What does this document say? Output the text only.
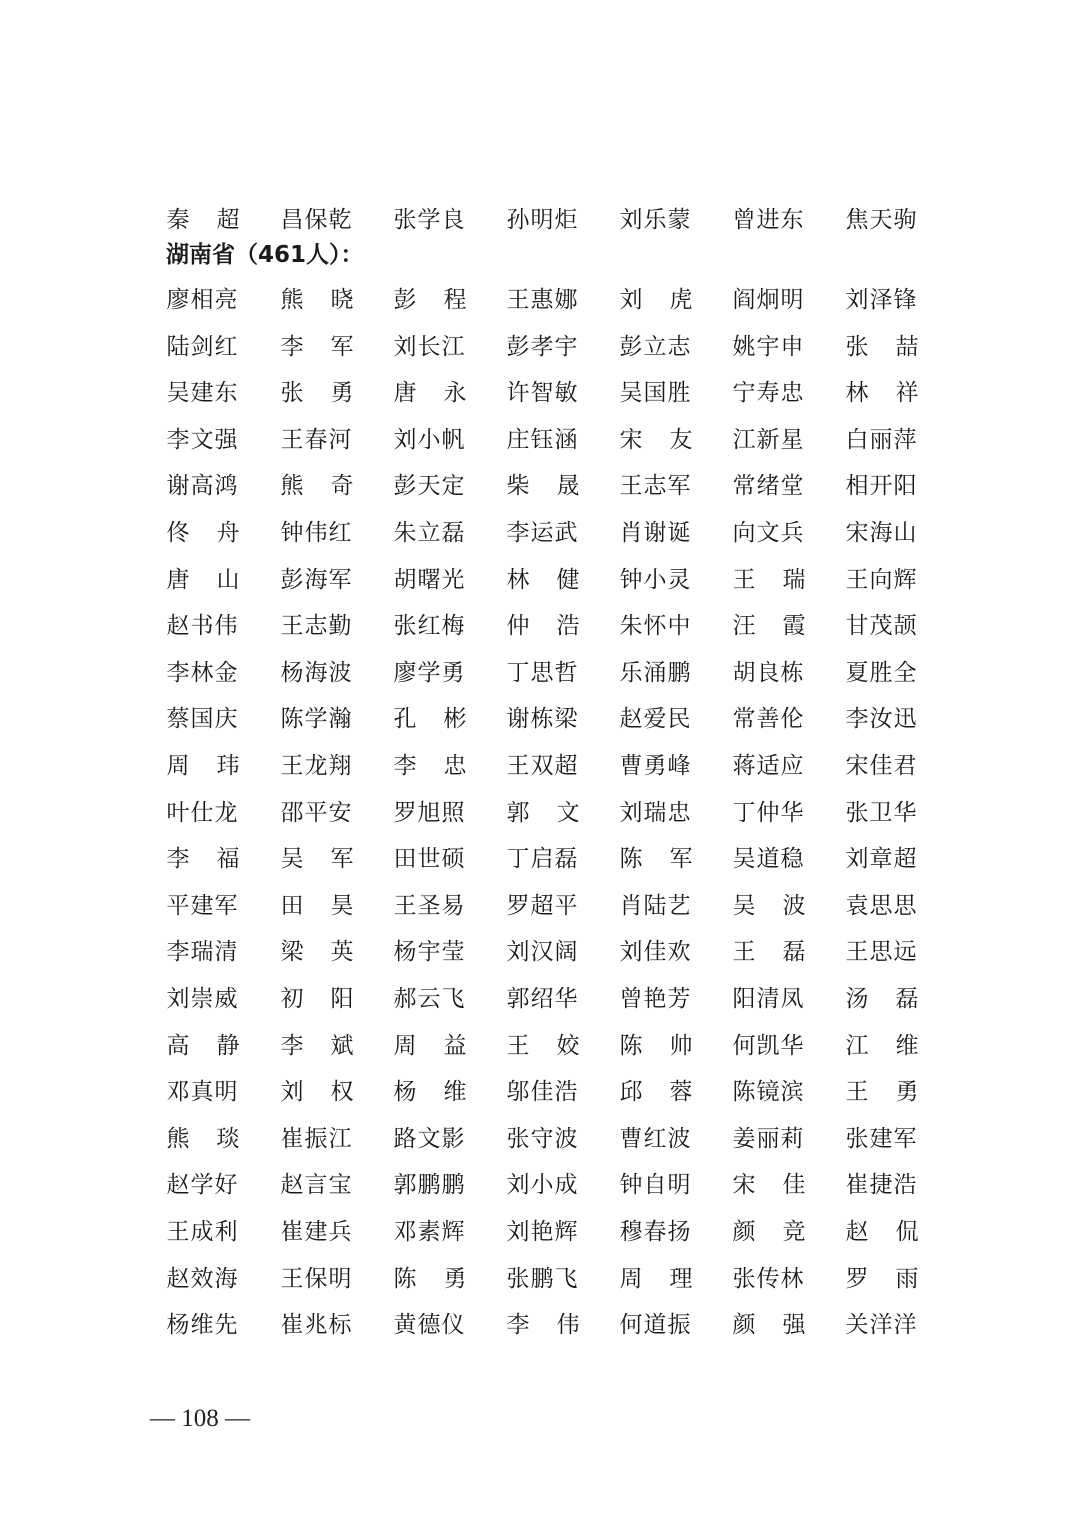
秦 超 昌 保 乾 张 学 良 孙 明 炬 刘 乐 蒙 曾 进 东 焦 天 驹
湖南省（461人）：
廖 相 亮 熊 晓 彭 程 王 惠 娜 刘 虎 阎 炯 明 刘 泽 锋
陆 剑 红 李 军 刘 长 江 彭 孝 宇 彭 立 志 姚 宇 申 张 喆
吴 建 东 张 勇 唐 永 许 智 敏 吴 国 胜 宁 寿 忠 林 祥
李 文 强 王 春 河 刘 小 帆 庄 钰 涵 宋 友 江 新 星 白 丽 萍
谢 高 鸿 熊 奇 彭 天 定 柴 晟 王 志 军 常 绪 堂 相 开 阳
佟 舟 钟 伟 红 朱 立 磊 李 运 武 肖 谢 诞 向 文 兵 宋 海 山
唐 山 彭 海 军 胡 曙 光 林 健 钟 小 灵 王 瑞 王 向 辉
赵 书 伟 王 志 勤 张 红 梅 仲 浩 朱 怀 中 汪 霞 甘 茂 颉
李 林 金 杨 海 波 廖 学 勇 丁 思 哲 乐 涌 鹏 胡 良 栋 夏 胜 全
蔡 国 庆 陈 学 瀚 孔 彬 谢 栋 梁 赵 爱 民 常 善 伦 李 汝 迅
周 玮 王 龙 翔 李 忠 王 双 超 曹 勇 峰 蒋 适 应 宋 佳 君
叶 仕 龙 邵 平 安 罗 旭 照 郭 文 刘 瑞 忠 丁 仲 华 张 卫 华
李 福 吴 军 田 世 硕 丁 启 磊 陈 军 吴 道 稳 刘 章 超
平 建 军 田 昊 王 圣 易 罗 超 平 肖 陆 艺 吴 波 袁 思 思
李 瑞 清 梁 英 杨 宇 莹 刘 汉 阔 刘 佳 欢 王 磊 王 思 远
刘 崇 威 初 阳 郝 云 飞 郭 绍 华 曾 艳 芳 阳 清 凤 汤 磊
高 静 李 斌 周 益 王 姣 陈 帅 何 凯 华 江 维
邓 真 明 刘 权 杨 维 邬 佳 浩 邱 蓉 陈 镜 滨 王 勇
熊 琰 崔 振 江 路 文 影 张 守 波 曹 红 波 姜 丽 莉 张 建 军
赵 学 好 赵 言 宝 郭 鹏 鹏 刘 小 成 钟 自 明 宋 佳 崔 捷 浩
王 成 利 崔 建 兵 邓 素 辉 刘 艳 辉 穆 春 扬 颜 竞 赵 侃
赵 效 海 王 保 明 陈 勇 张 鹏 飞 周 理 张 传 林 罗 雨
杨 维 先 崔 兆 标 黄 德 仪 李 伟 何 道 振 颜 强 关 洋 洋
— 108 —
